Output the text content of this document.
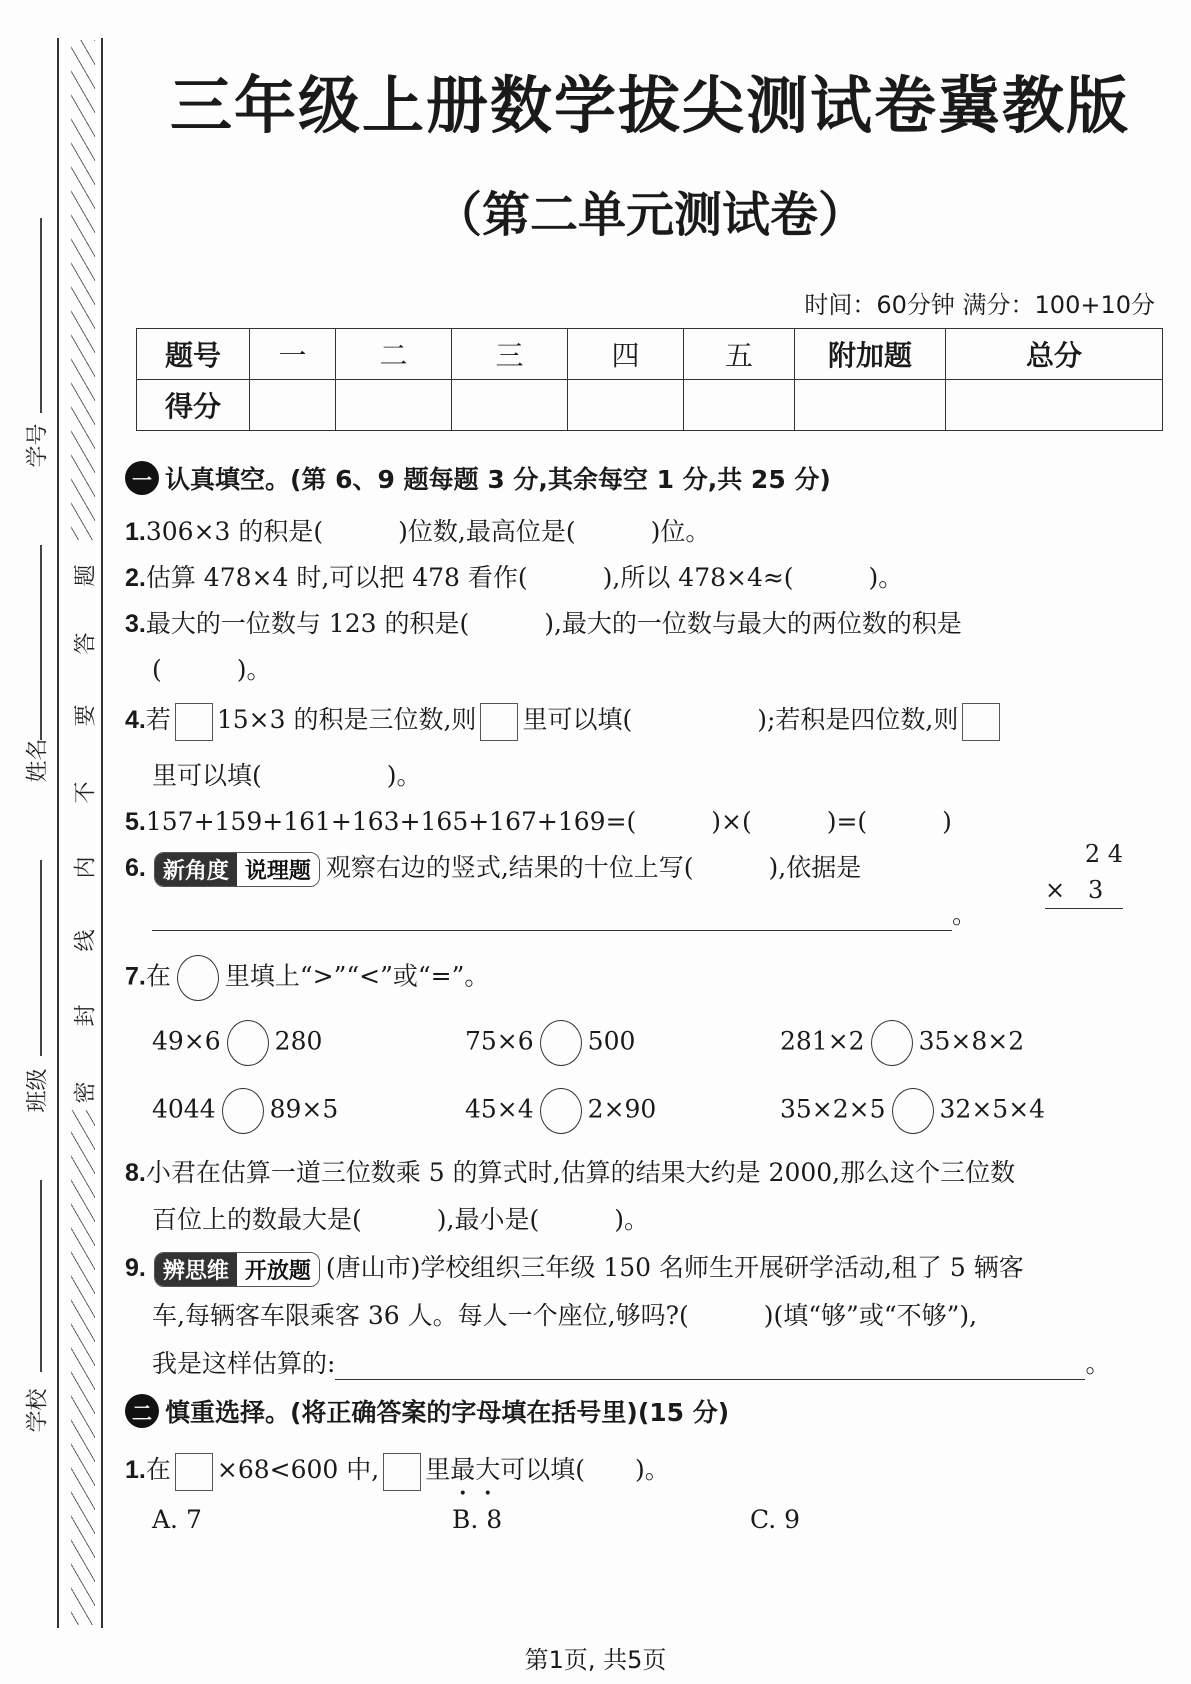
题
答
要
不
内
线
封
密
学号
姓名
班级
学校
三年级上册数学拔尖测试卷冀教版
（第二单元测试卷）
时间：60分钟 满分：100+10分
题号	一	二	三	四	五	附加题	总分
得分							
一 认真填空。(第 6、9 题每题 3 分,其余每空 1 分,共 25 分)
1.306×3 的积是(　　　)位数,最高位是(　　　)位。
2.估算 478×4 时,可以把 478 看作(　　　),所以 478×4≈(　　　)。
3.最大的一位数与 123 的积是(　　　),最大的一位数与最大的两位数的积是
(　　　)。
4.若 15×3 的积是三位数,则 里可以填(　　　　　);若积是四位数,则
里可以填(　　　　　)。
5.157+159+161+163+165+167+169=(　　　)×(　　　)=(　　　)
6. 新角度 说理题 观察右边的竖式,结果的十位上写(　　　),依据是
。
2 4
×   3
7.在 里填上“>”“<”或“=”。
49×6 280	75×6 500	281×2 35×8×2
4044 89×5	45×4 2×90	35×2×5 32×5×4
8.小君在估算一道三位数乘 5 的算式时,估算的结果大约是 2000,那么这个三位数
百位上的数最大是(　　　),最小是(　　　)。
9. 辨思维 开放题 (唐山市)学校组织三年级 150 名师生开展研学活动,租了 5 辆客
车,每辆客车限乘客 36 人。每人一个座位,够吗?(　　　)(填“够”或“不够”),
我是这样估算的:	。
二 慎重选择。(将正确答案的字母填在括号里)(15 分)
1.在 ×68<600 中, 里最大可以填(　　)。
A. 7	B. 8	C. 9
第1页, 共5页
